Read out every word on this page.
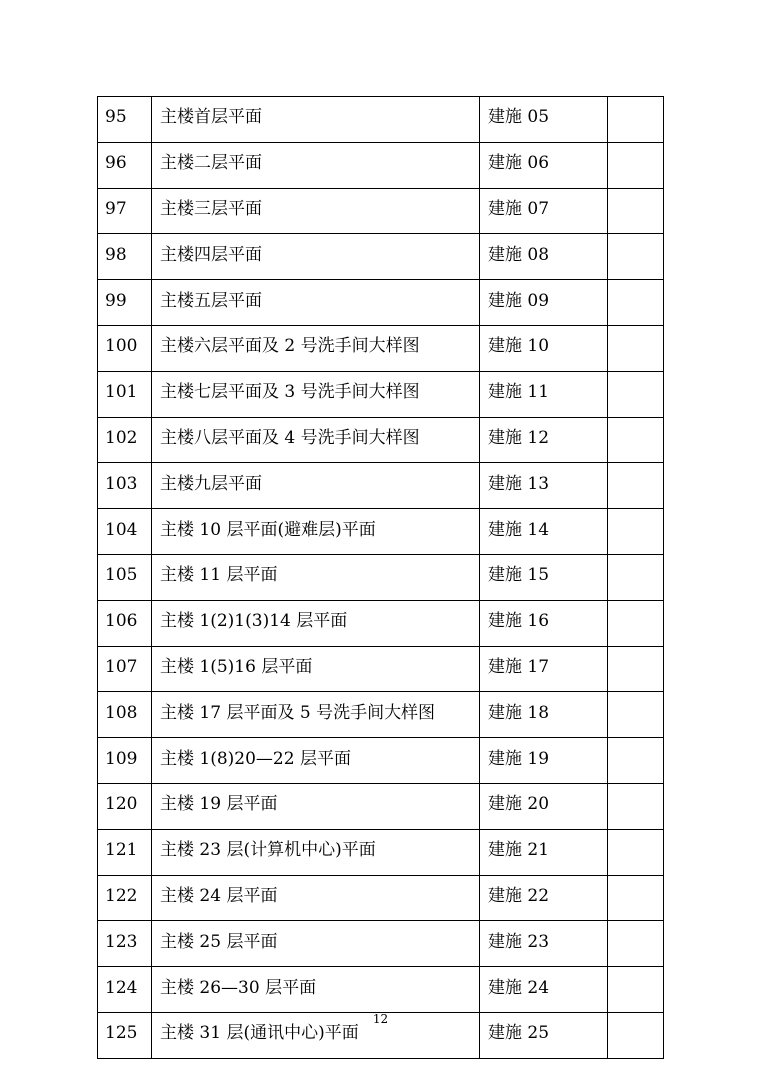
95	主楼首层平面	建施 05	
96	主楼二层平面	建施 06	
97	主楼三层平面	建施 07	
98	主楼四层平面	建施 08	
99	主楼五层平面	建施 09	
100	主楼六层平面及 2 号洗手间大样图	建施 10	
101	主楼七层平面及 3 号洗手间大样图	建施 11	
102	主楼八层平面及 4 号洗手间大样图	建施 12	
103	主楼九层平面	建施 13	
104	主楼 10 层平面(避难层)平面	建施 14	
105	主楼 11 层平面	建施 15	
106	主楼 1(2)1(3)14 层平面	建施 16	
107	主楼 1(5)16 层平面	建施 17	
108	主楼 17 层平面及 5 号洗手间大样图	建施 18	
109	主楼 1(8)20—22 层平面	建施 19	
120	主楼 19 层平面	建施 20	
121	主楼 23 层(计算机中心)平面	建施 21	
122	主楼 24 层平面	建施 22	
123	主楼 25 层平面	建施 23	
124	主楼 26—30 层平面	建施 24	
125	主楼 31 层(通讯中心)平面	建施 25	
12
